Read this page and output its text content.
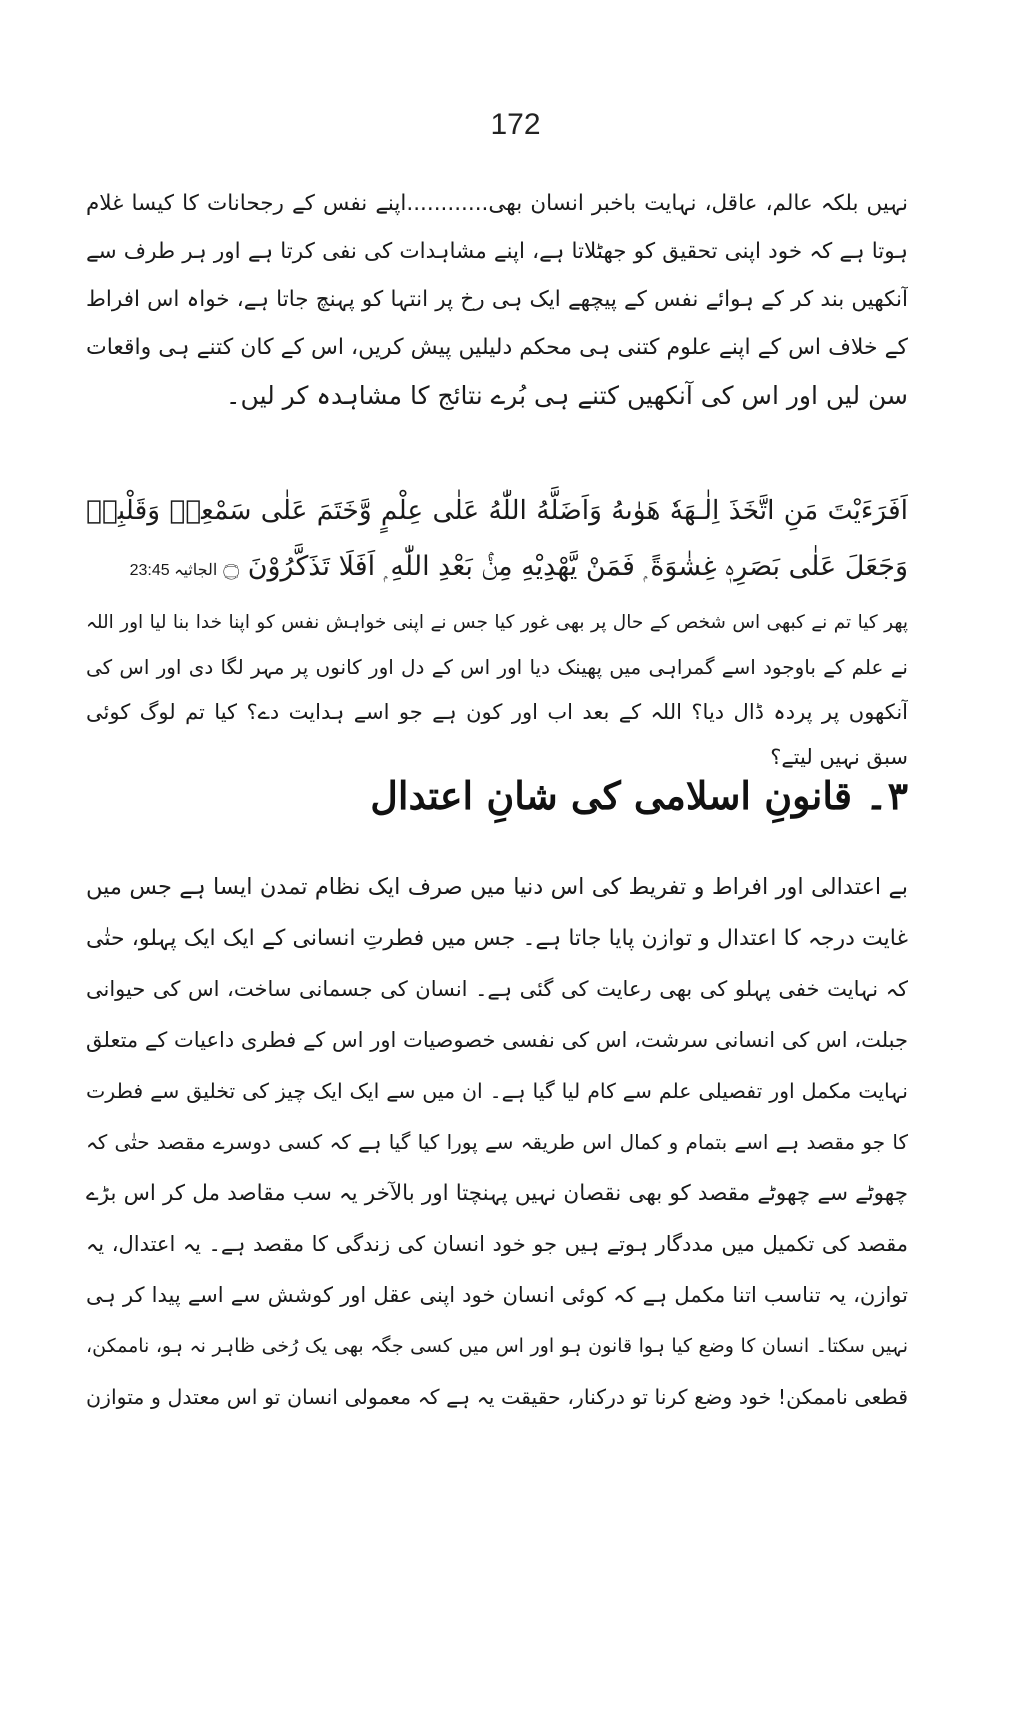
172
نہیں بلکہ عالم، عاقل، نہایت باخبر انسان بھی............اپنے نفس کے رجحانات کا کیسا غلام
ہوتا ہے کہ خود اپنی تحقیق کو جھٹلاتا ہے، اپنے مشاہدات کی نفی کرتا ہے اور ہر طرف سے
آنکھیں بند کر کے ہوائے نفس کے پیچھے ایک ہی رخ پر انتہا کو پہنچ جاتا ہے، خواہ اس افراط
کے خلاف اس کے اپنے علوم کتنی ہی محکم دلیلیں پیش کریں، اس کے کان کتنے ہی واقعات
سن لیں اور اس کی آنکھیں کتنے ہی بُرے نتائج کا مشاہدہ کر لیں۔
اَفَرَءَیْتَ مَنِ اتَّخَذَ اِلٰـھَهٗ ھَوٰىهُ وَاَضَلَّهُ اللّٰهُ عَلٰى عِلْمٍ وَّخَتَمَ عَلٰى سَمْعِهٖ وَقَلْبِهٖ
وَجَعَلَ عَلٰى بَصَرِهٖ غِشٰوَةً ۭ فَمَنْ يَّهْدِيْهِ مِنْۢ بَعْدِ اللّٰهِ ۭ اَفَلَا تَذَكَّرُوْنَ ۝الجاثیہ 23:45
پھر کیا تم نے کبھی اس شخص کے حال پر بھی غور کیا جس نے اپنی خواہش نفس کو اپنا خدا بنا لیا اور اللہ
نے علم کے باوجود اسے گمراہی میں پھینک دیا اور اس کے دل اور کانوں پر مہر لگا دی اور اس کی
آنکھوں پر پردہ ڈال دیا؟ اللہ کے بعد اب اور کون ہے جو اسے ہدایت دے؟ کیا تم لوگ کوئی
سبق نہیں لیتے؟
۳۔ قانونِ اسلامی کی شانِ اعتدال
بے اعتدالی اور افراط و تفریط کی اس دنیا میں صرف ایک نظام تمدن ایسا ہے جس میں
غایت درجہ کا اعتدال و توازن پایا جاتا ہے۔ جس میں فطرتِ انسانی کے ایک ایک پہلو، حتٰی
کہ نہایت خفی پہلو کی بھی رعایت کی گئی ہے۔ انسان کی جسمانی ساخت، اس کی حیوانی
جبلت، اس کی انسانی سرشت، اس کی نفسی خصوصیات اور اس کے فطری داعیات کے متعلق
نہایت مکمل اور تفصیلی علم سے کام لیا گیا ہے۔ ان میں سے ایک ایک چیز کی تخلیق سے فطرت
کا جو مقصد ہے اسے بتمام و کمال اس طریقہ سے پورا کیا گیا ہے کہ کسی دوسرے مقصد حتٰی کہ
چھوٹے سے چھوٹے مقصد کو بھی نقصان نہیں پہنچتا اور بالآخر یہ سب مقاصد مل کر اس بڑے
مقصد کی تکمیل میں مددگار ہوتے ہیں جو خود انسان کی زندگی کا مقصد ہے۔ یہ اعتدال، یہ
توازن، یہ تناسب اتنا مکمل ہے کہ کوئی انسان خود اپنی عقل اور کوشش سے اسے پیدا کر ہی
نہیں سکتا۔ انسان کا وضع کیا ہوا قانون ہو اور اس میں کسی جگہ بھی یک رُخی ظاہر نہ ہو، ناممکن،
قطعی ناممکن! خود وضع کرنا تو درکنار، حقیقت یہ ہے کہ معمولی انسان تو اس معتدل و متوازن
